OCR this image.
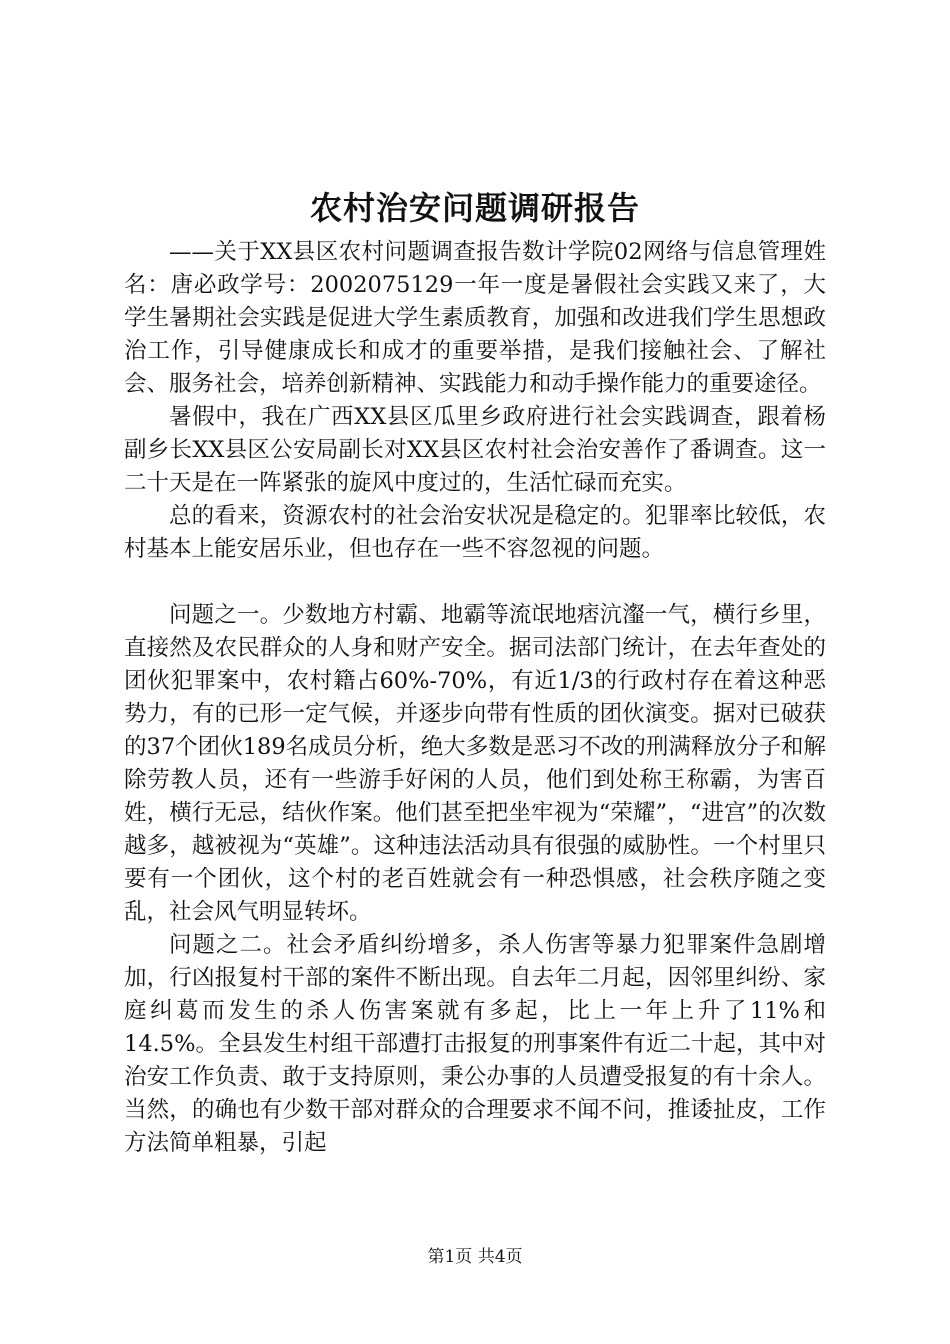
农村治安问题调研报告

——关于XX县区农村问题调查报告数计学院02网络与信息管理姓名：唐必政学号：2002075129一年一度是暑假社会实践又来了，大学生暑期社会实践是促进大学生素质教育，加强和改进我们学生思想政治工作，引导健康成长和成才的重要举措，是我们接触社会、了解社会、服务社会，培养创新精神、实践能力和动手操作能力的重要途径。

暑假中，我在广西XX县区瓜里乡政府进行社会实践调查，跟着杨副乡长XX县区公安局副长对XX县区农村社会治安善作了番调查。这一二十天是在一阵紧张的旋风中度过的，生活忙碌而充实。

总的看来，资源农村的社会治安状况是稳定的。犯罪率比较低，农村基本上能安居乐业，但也存在一些不容忽视的问题。

问题之一。少数地方村霸、地霸等流氓地痞沆瀣一气，横行乡里，直接然及农民群众的人身和财产安全。据司法部门统计，在去年查处的团伙犯罪案中，农村籍占60%-70%，有近1/3的行政村存在着这种恶势力，有的已形一定气候，并逐步向带有性质的团伙演变。据对已破获的37个团伙189名成员分析，绝大多数是恶习不改的刑满释放分子和解除劳教人员，还有一些游手好闲的人员，他们到处称王称霸，为害百姓，横行无忌，结伙作案。他们甚至把坐牢视为“荣耀”，“进宫”的次数越多，越被视为“英雄”。这种违法活动具有很强的威胁性。一个村里只要有一个团伙，这个村的老百姓就会有一种恐惧感，社会秩序随之变乱，社会风气明显转坏。

问题之二。社会矛盾纠纷增多，杀人伤害等暴力犯罪案件急剧增加，行凶报复村干部的案件不断出现。自去年二月起，因邻里纠纷、家庭纠葛而发生的杀人伤害案就有多起，比上一年上升了11%和14.5%。全县发生村组干部遭打击报复的刑事案件有近二十起，其中对治安工作负责、敢于支持原则，秉公办事的人员遭受报复的有十余人。当然，的确也有少数干部对群众的合理要求不闻不问，推诿扯皮，工作方法简单粗暴，引起

第1页 共4页
